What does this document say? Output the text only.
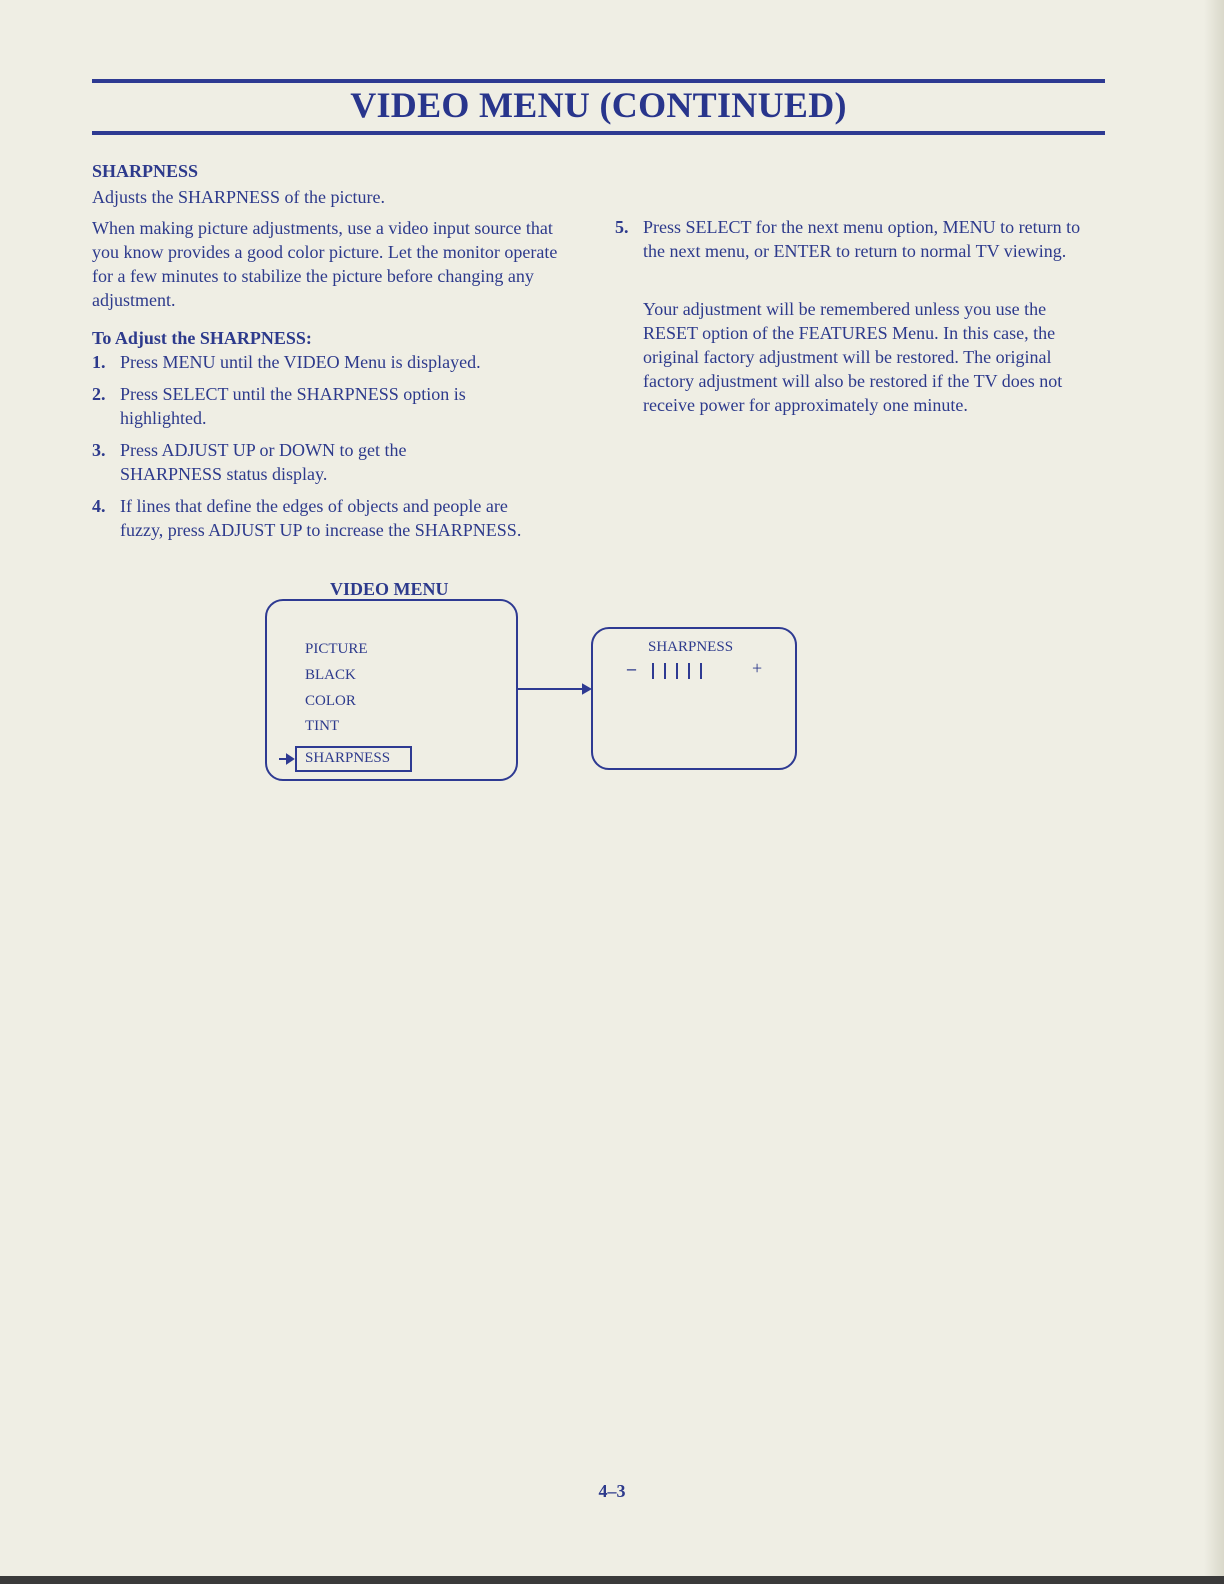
VIDEO MENU (CONTINUED)
SHARPNESS
Adjusts the SHARPNESS of the picture.
When making picture adjustments, use a video input source that you know provides a good color picture. Let the monitor operate for a few minutes to stabilize the picture before changing any adjustment.
To Adjust the SHARPNESS:
1. Press MENU until the VIDEO Menu is displayed.
2. Press SELECT until the SHARPNESS option is highlighted.
3. Press ADJUST UP or DOWN to get the SHARPNESS status display.
4. If lines that define the edges of objects and people are fuzzy, press ADJUST UP to increase the SHARPNESS.
5. Press SELECT for the next menu option, MENU to return to the next menu, or ENTER to return to normal TV viewing.
Your adjustment will be remembered unless you use the RESET option of the FEATURES Menu. In this case, the original factory adjustment will be restored. The original factory adjustment will also be restored if the TV does not receive power for approximately one minute.
VIDEO MENU
PICTURE
BLACK
COLOR
TINT
SHARPNESS
SHARPNESS
–	+
4–3
